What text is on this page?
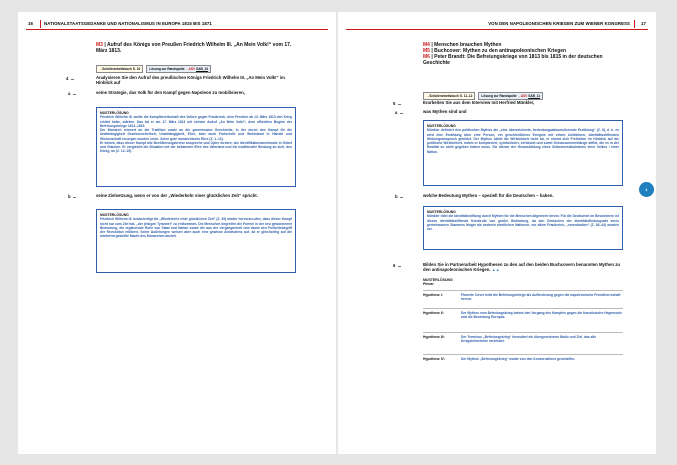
16	NATIONALSTAATSGEDANKE UND NATIONALISMUS IN EUROPA 1815 BIS 1871
M3 | Aufruf des Königs von Preußen Friedrich Wilhelm III. „An Mein Volk!“ vom 17. März 1813.
→Schülerarbeitsbuch S. 10	Lösung zur Randspalte →ASV SAB_10
4	Analysieren Sie den Aufruf des preußischen Königs Friedrich Wilhelm III. „An Mein Volk!“ im Hinblick auf
a	seine Strategie, das Volk für den Kampf gegen Napoleon zu mobilisieren,
MUSTERLÖSUNG

Friedrich Wilhelm III. wollte die Kampfbereitschaft des Volkes gegen Frankreich, dem Preußen ab 13. März 1813 den Krieg erklärt hatte, stärken. Das tat er am 17. März 1813 mit seinem Aufruf „An Mein Volk!“, dem offiziellen Beginn der Befreiungskriege 1813–1815.

Der Monarch erinnert an die Tradition sowie an die gemeinsame Geschichte, in der durch den Kampf für die Unabhängigkeit Gewissensfreiheit, Unabhängigkeit, Ehre, aber auch Fortschritt und Wohlstand in Handel und Wissenschaft errungen worden seien. Seine gute monarchische Ehre (Z. 1–13).

Er betont, dass dieser Kampf alle Bevölkerungskreise anspreche und Opfer fordere, wie Identifikationsmerkmale in Gebet und Glauben. Er vergleicht die Situation mit der bekannten Ehre des Vaterland und die traditionelle Bindung an sich, den König, an (Z. 12–15).

b	seine Zielsetzung, wenn er von der „Wiederkehr einer glücklichen Zeit“ spricht.
MUSTERLÖSUNG

Friedrich Wilhelm III. beabsichtigt die „Wiederkehr einer glücklichen Zeit“ (Z. 39) wieder hervorzurufen, dass dieser Kampf nicht nur zum Ziel hat, „der jetzigen Tyrannei“ zu entkommen. Die Menschen begreifen die Formel in der neu gewonnenen Bedeutung, die ergänzende Rolle von Staat und Nation sowie die aus der Vergangenheit und damit den Freiheitsbegriff der Revolution erklären. Seine Äußerungen weisen aber auch eine gewisse Ambivalenz auf, da er gleichzeitig auf die wiederhergestellte Macht des Monarchen abzielt.

VON DEN NAPOLEONISCHEN KRIEGEN ZUM WIENER KONGRESS	17
M4 | Menschen brauchen Mythen
M5 | Buchcover: Mythen zu den antinapoleonischen Kriegen
M6 | Peter Brandt: Die Befreiungskriege von 1813 bis 1815 in der deutschen Geschichte
→Schülerarbeitsbuch S. 11–12	Lösung zur Randspalte →ASV SAB_11
5	Erarbeiten Sie aus dem Interview mit Herfried Münkler,
a	was Mythen sind und
MUSTERLÖSUNG

Münkler definiert den politischen Mythos als „eine überzeichnete, bedeutungsakkumulierende Erzählung“ (Z. 8), d. h. es wird eine Erzählung über eine Person, ein geschichtliches Ereignis mit einem kollektiven, identitätsstiftenden Wirkungsanspruch gebildet. Der Mythos bildet die Wirklichkeit nicht ab, er nimmt sich Freiheiten im Hinblick auf die politische Wirklichkeit, indem er komplexiert, symbolisiert, verbindet und somit Sinnzusammenhänge stiftet, die es in der Realität so nicht gegeben haben muss. Sie dienen der Herausbildung eines Selbstverständnisses einer Volkes / einer Nation.

1
b	welche Bedeutung Mythen – speziell für die Deutschen – haben.
MUSTERLÖSUNG

Münkler hebt die Identitätsstiftung durch Mythen für die Menschen allgemein hervor. Für die Deutschen im Besonderen ist dieses identitätsstiftende Konstrukt von großer Bedeutung, da den Deutschen der Identitätsfindungsakt eines gemeinsamen Stammes länger als anderen westlichen Nationen, vor allem Frankreich, „vorenthalten“ (Z. 36–44) worden sei.

6	Bilden Sie in Partnerarbeit Hypothesen zu den auf den beiden Buchcovern benannten Mythen zu den antinapoleonischen Kriegen. ▲▲
MUSTERLÖSUNG
Plenar
Hypothese I:	Planerte Cover hebt die Befreiungskriege als Aufforderung gegen die napoleonische Fremdherrschaft hervor.
Hypothese II:	Der Mythos vom Befreiungskrieg betont den Vorgang des Kampfes gegen die französische Hegemonie und die Besetzung Europas.
Hypothese III:	Der Terminus „Befreiungskrieg“ formuliert ein übergeordnetes Motiv und Ziel, das alle Kriegsteilnehmer verbindet.
Hypothese IV:	Der Mythos „Befreiungskrieg“ wurde von den Konservativen geschaffen.
